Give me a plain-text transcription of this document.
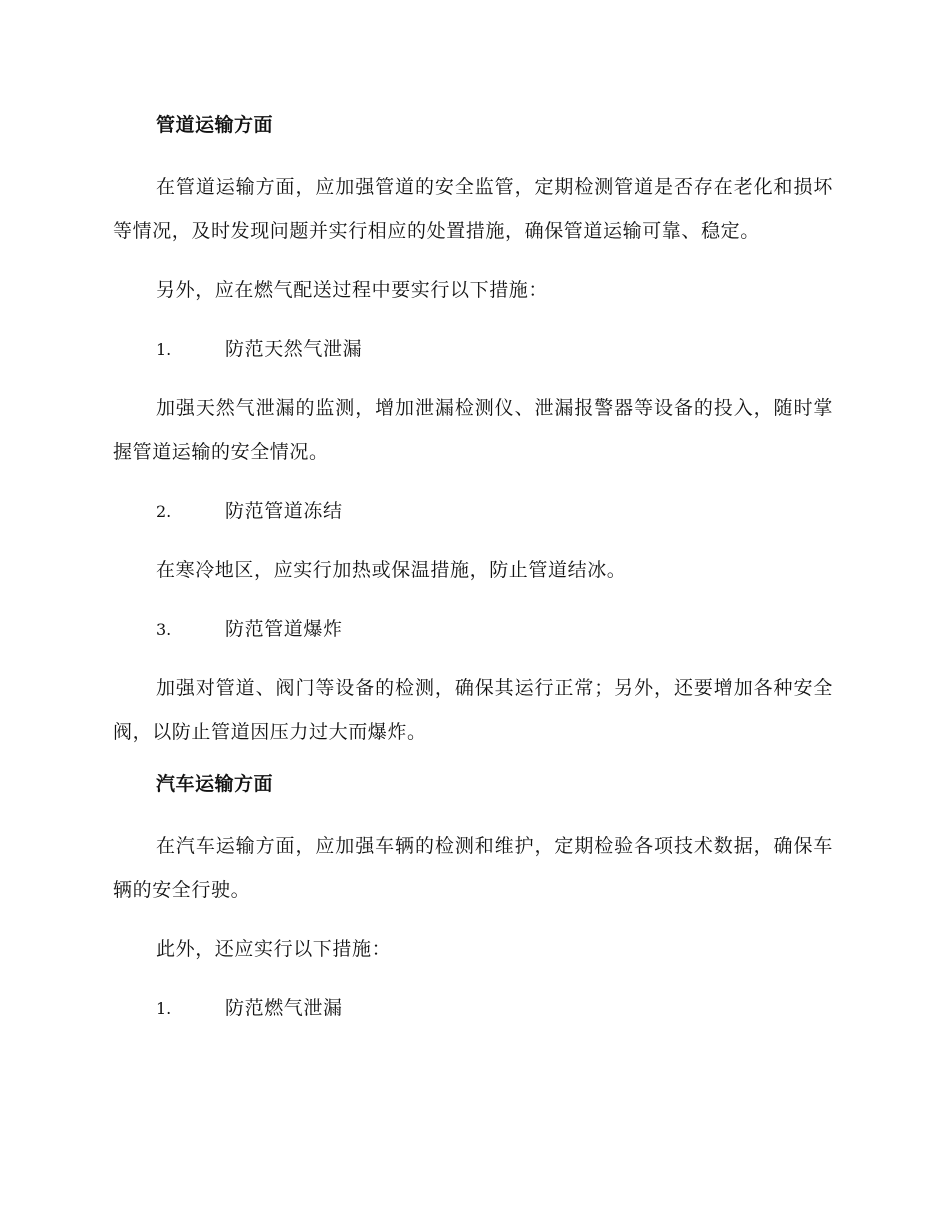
管道运输方面

在管道运输方面，应加强管道的安全监管，定期检测管道是否存在老化和损坏等情况，及时发现问题并实行相应的处置措施，确保管道运输可靠、稳定。

另外，应在燃气配送过程中要实行以下措施：

1.	防范天然气泄漏

加强天然气泄漏的监测，增加泄漏检测仪、泄漏报警器等设备的投入，随时掌握管道运输的安全情况。

2.	防范管道冻结

在寒冷地区，应实行加热或保温措施，防止管道结冰。

3.	防范管道爆炸

加强对管道、阀门等设备的检测，确保其运行正常；另外，还要增加各种安全阀，以防止管道因压力过大而爆炸。

汽车运输方面

在汽车运输方面，应加强车辆的检测和维护，定期检验各项技术数据，确保车辆的安全行驶。

此外，还应实行以下措施：

1.	防范燃气泄漏
